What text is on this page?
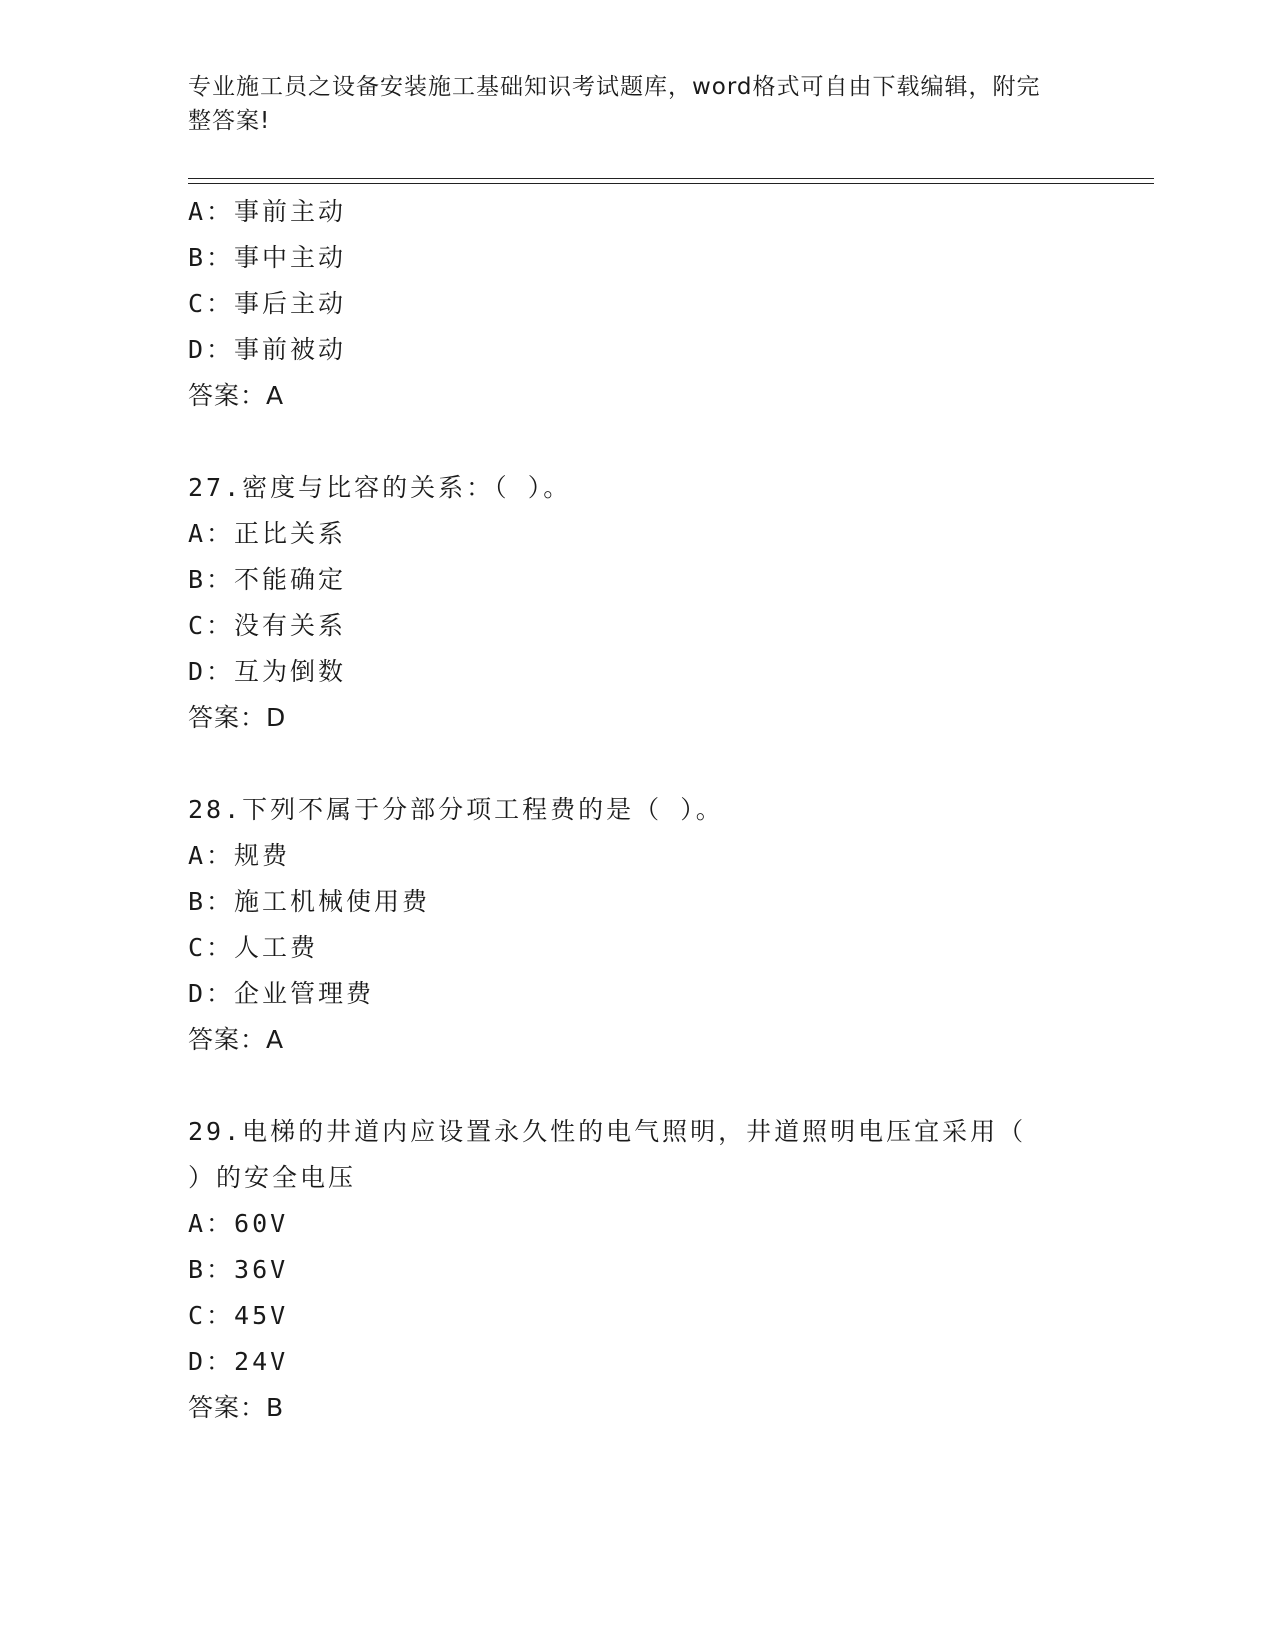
专业施工员之设备安装施工基础知识考试题库，word格式可自由下载编辑，附完
整答案!
A：事前主动
B：事中主动
C：事后主动
D：事前被动
答案：A
27.密度与比容的关系：（ ）。
A：正比关系
B：不能确定
C：没有关系
D：互为倒数
答案：D
28.下列不属于分部分项工程费的是（ ）。
A：规费
B：施工机械使用费
C：人工费
D：企业管理费
答案：A
29.电梯的井道内应设置永久性的电气照明，井道照明电压宜采用（
）的安全电压
A：60V
B：36V
C：45V
D：24V
答案：B
